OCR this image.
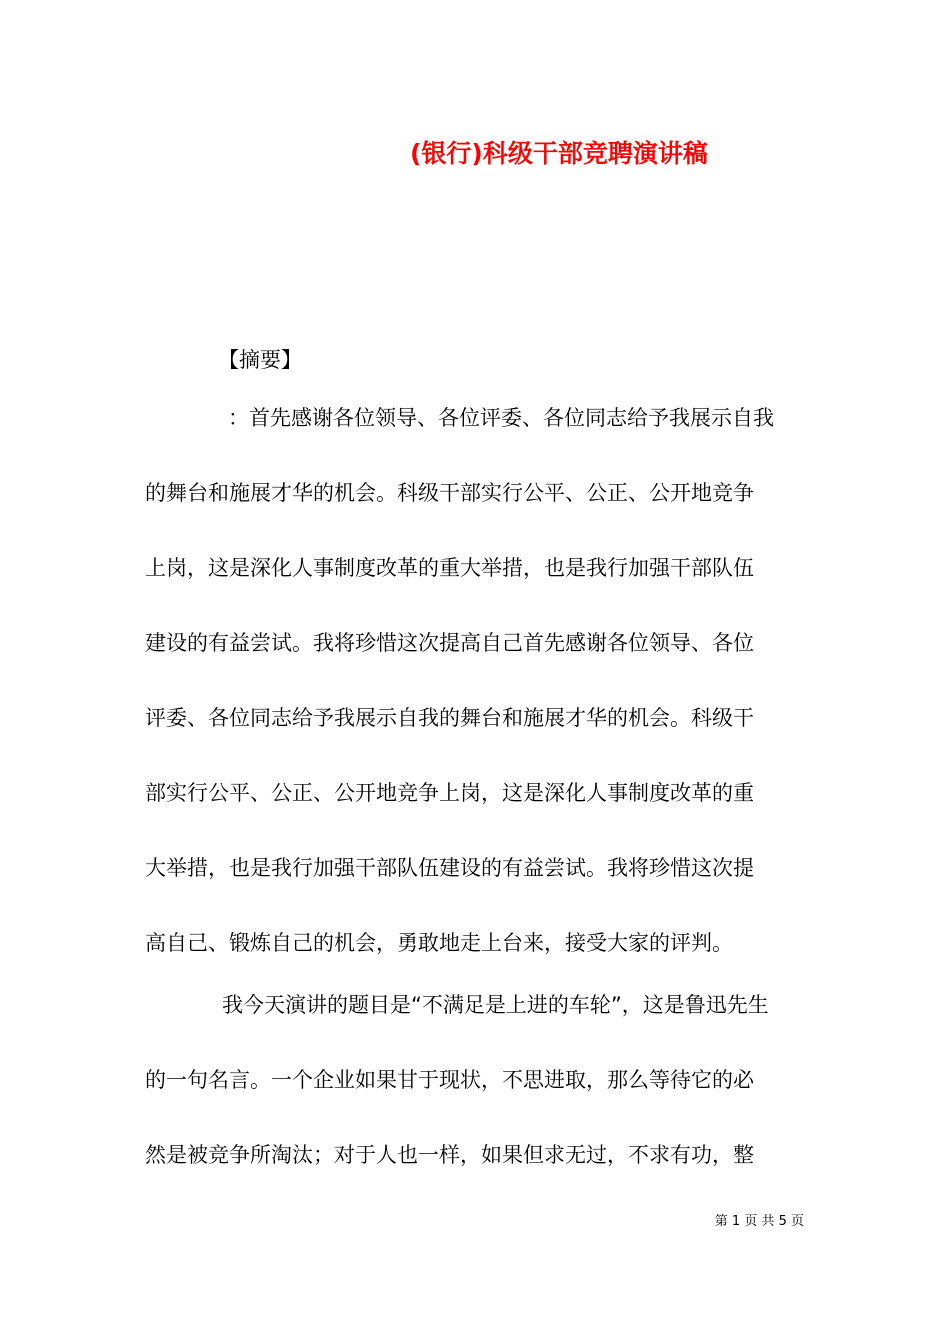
(银行)科级干部竞聘演讲稿
【摘要】
：首先感谢各位领导、各位评委、各位同志给予我展示自我
的舞台和施展才华的机会。科级干部实行公平、公正、公开地竞争
上岗，这是深化人事制度改革的重大举措，也是我行加强干部队伍
建设的有益尝试。我将珍惜这次提高自己首先感谢各位领导、各位
评委、各位同志给予我展示自我的舞台和施展才华的机会。科级干
部实行公平、公正、公开地竞争上岗，这是深化人事制度改革的重
大举措，也是我行加强干部队伍建设的有益尝试。我将珍惜这次提
高自己、锻炼自己的机会，勇敢地走上台来，接受大家的评判。
我今天演讲的题目是“不满足是上进的车轮”，这是鲁迅先生
的一句名言。一个企业如果甘于现状，不思进取，那么等待它的必
然是被竞争所淘汰；对于人也一样，如果但求无过，不求有功，整
第 1 页 共 5 页
